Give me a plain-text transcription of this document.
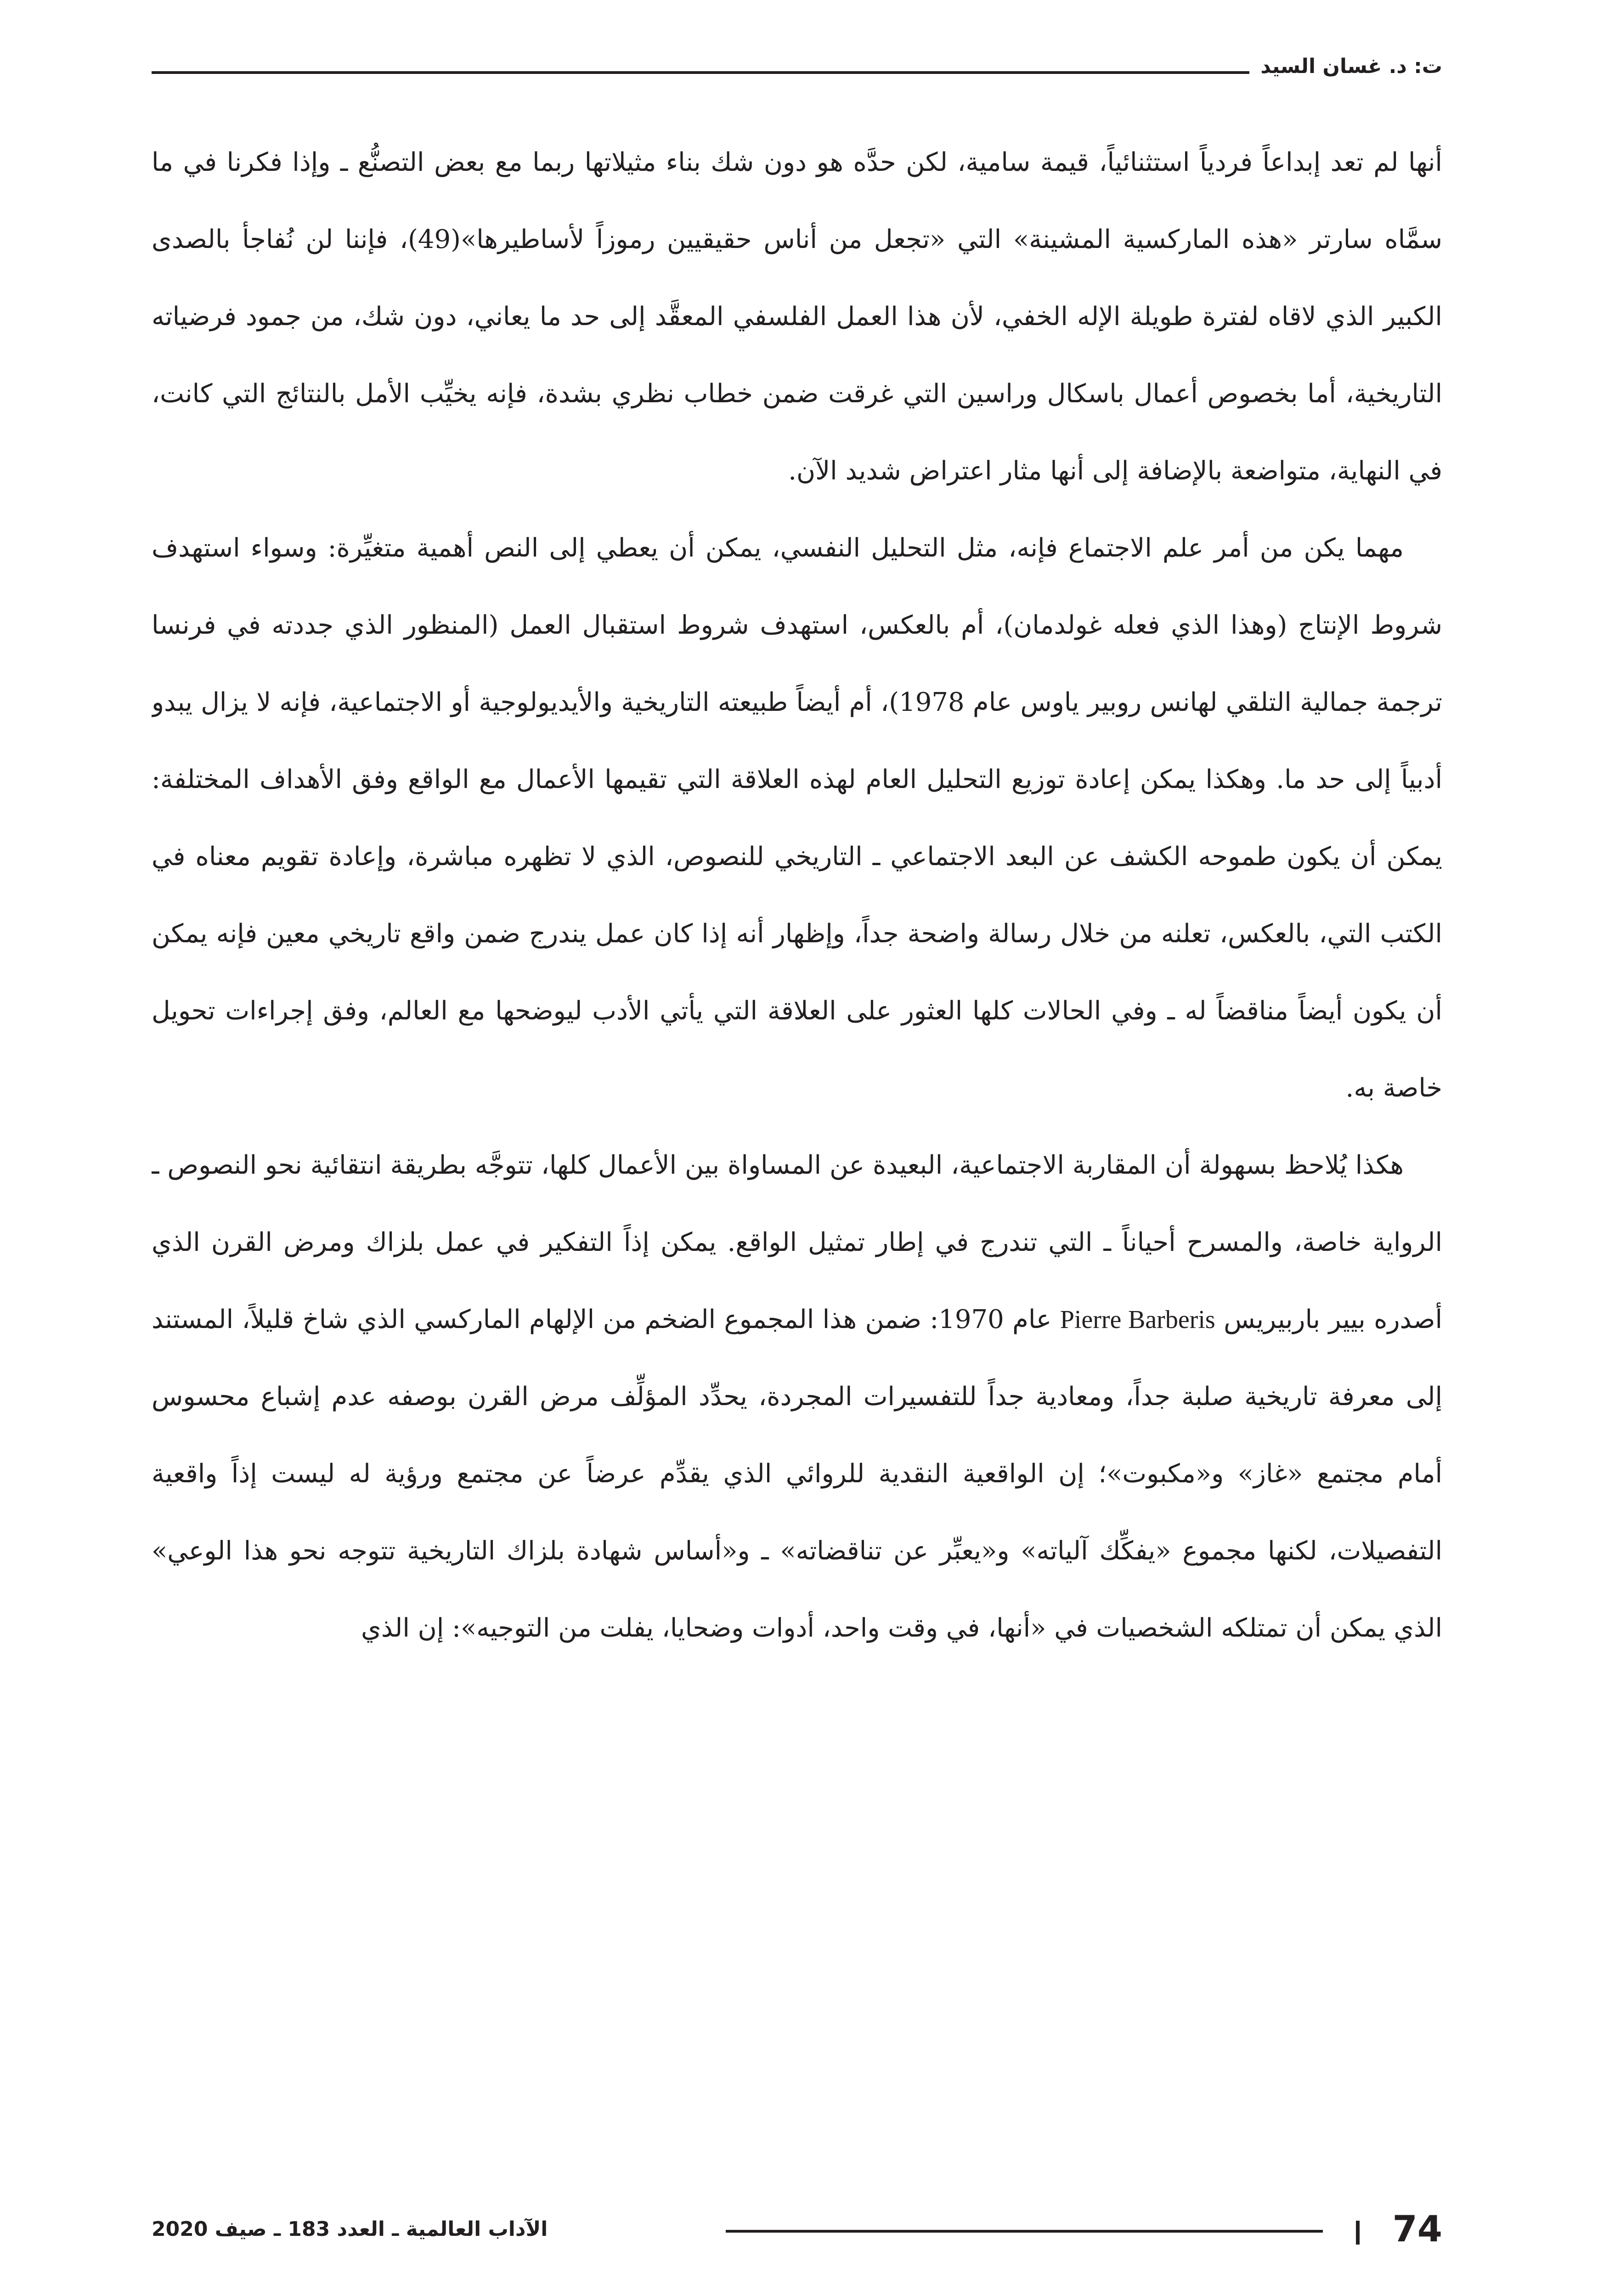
ت: د. غسان السيد

أنها لم تعد إبداعاً فردياً استثنائياً، قيمة سامية، لكن حدَّه هو دون شك بناء مثيلاتها ربما مع بعض التصنُّع ـ وإذا فكرنا في ما سمَّاه سارتر «هذه الماركسية المشينة» التي «تجعل من أناس حقيقيين رموزاً لأساطيرها»(49)، فإننا لن نُفاجأ بالصدى الكبير الذي لاقاه لفترة طويلة الإله الخفي، لأن هذا العمل الفلسفي المعقَّد إلى حد ما يعاني، دون شك، من جمود فرضياته التاريخية، أما بخصوص أعمال باسكال وراسين التي غرقت ضمن خطاب نظري بشدة، فإنه يخيِّب الأمل بالنتائج التي كانت، في النهاية، متواضعة بالإضافة إلى أنها مثار اعتراض شديد الآن.

مهما يكن من أمر علم الاجتماع فإنه، مثل التحليل النفسي، يمكن أن يعطي إلى النص أهمية متغيِّرة: وسواء استهدف شروط الإنتاج (وهذا الذي فعله غولدمان)، أم بالعكس، استهدف شروط استقبال العمل (المنظور الذي جددته في فرنسا ترجمة جمالية التلقي لهانس روبير ياوس عام 1978)، أم أيضاً طبيعته التاريخية والأيديولوجية أو الاجتماعية، فإنه لا يزال يبدو أدبياً إلى حد ما. وهكذا يمكن إعادة توزيع التحليل العام لهذه العلاقة التي تقيمها الأعمال مع الواقع وفق الأهداف المختلفة: يمكن أن يكون طموحه الكشف عن البعد الاجتماعي ـ التاريخي للنصوص، الذي لا تظهره مباشرة، وإعادة تقويم معناه في الكتب التي، بالعكس، تعلنه من خلال رسالة واضحة جداً، وإظهار أنه إذا كان عمل يندرج ضمن واقع تاريخي معين فإنه يمكن أن يكون أيضاً مناقضاً له ـ وفي الحالات كلها العثور على العلاقة التي يأتي الأدب ليوضحها مع العالم، وفق إجراءات تحويل خاصة به.

هكذا يُلاحظ بسهولة أن المقاربة الاجتماعية، البعيدة عن المساواة بين الأعمال كلها، تتوجَّه بطريقة انتقائية نحو النصوص ـ الرواية خاصة، والمسرح أحياناً ـ التي تندرج في إطار تمثيل الواقع. يمكن إذاً التفكير في عمل بلزاك ومرض القرن الذي أصدره بيير باربيريس Pierre Barberis عام 1970: ضمن هذا المجموع الضخم من الإلهام الماركسي الذي شاخ قليلاً، المستند إلى معرفة تاريخية صلبة جداً، ومعادية جداً للتفسيرات المجردة، يحدِّد المؤلِّف مرض القرن بوصفه عدم إشباع محسوس أمام مجتمع «غاز» و«مكبوت»؛ إن الواقعية النقدية للروائي الذي يقدِّم عرضاً عن مجتمع ورؤية له ليست إذاً واقعية التفصيلات، لكنها مجموع «يفكِّك آلياته» و«يعبِّر عن تناقضاته» ـ و«أساس شهادة بلزاك التاريخية تتوجه نحو هذا الوعي» الذي يمكن أن تمتلكه الشخصيات في «أنها، في وقت واحد، أدوات وضحايا، يفلت من التوجيه»: إن الذي

74
الآداب العالمية ـ العدد 183 ـ صيف 2020
